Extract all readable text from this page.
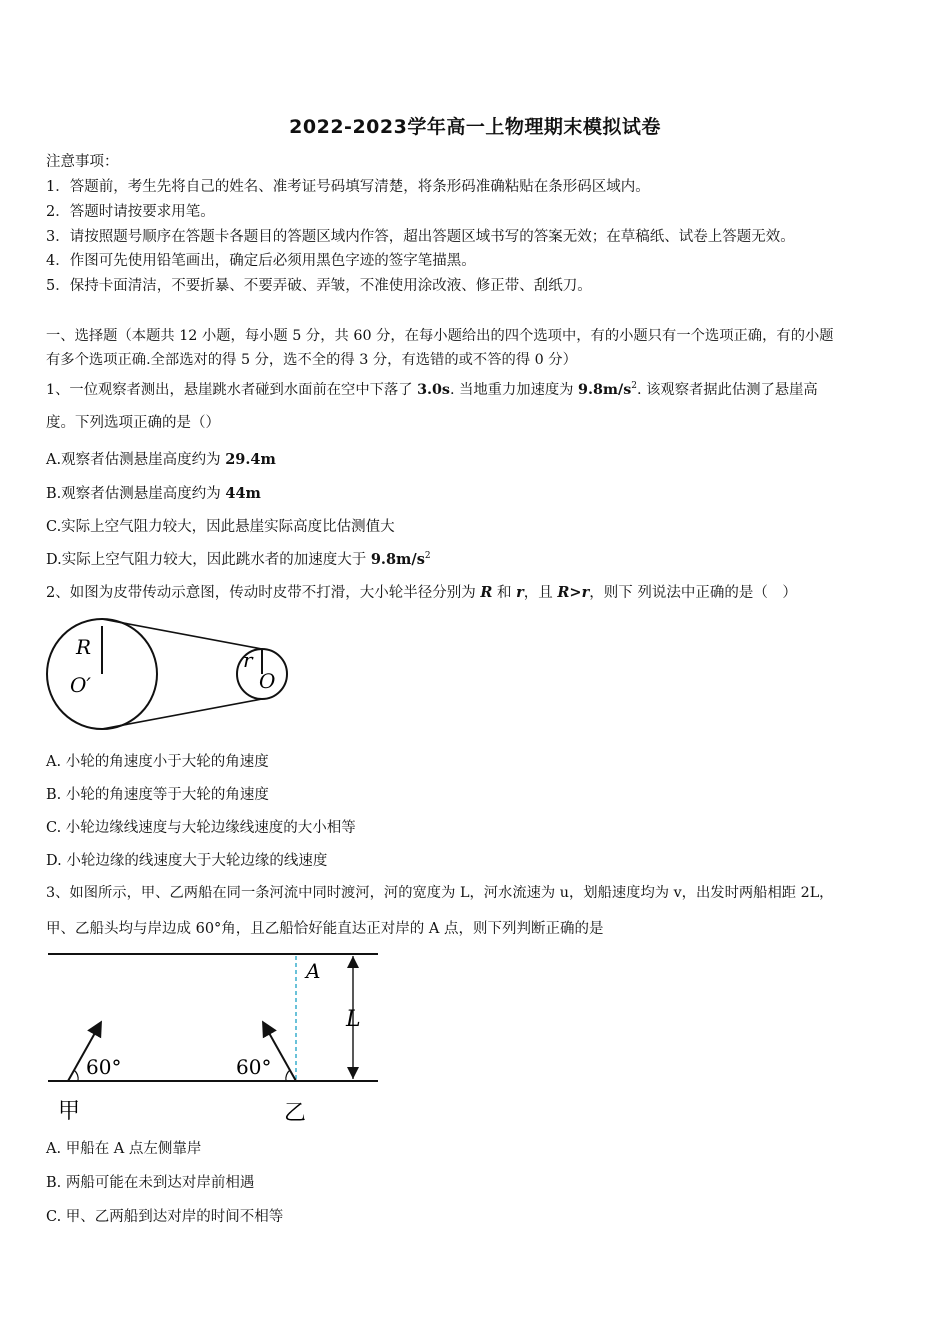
2022-2023学年高一上物理期末模拟试卷
注意事项：
1．答题前，考生先将自己的姓名、准考证号码填写清楚，将条形码准确粘贴在条形码区域内。
2．答题时请按要求用笔。
3．请按照题号顺序在答题卡各题目的答题区域内作答，超出答题区域书写的答案无效；在草稿纸、试卷上答题无效。
4．作图可先使用铅笔画出，确定后必须用黑色字迹的签字笔描黑。
5．保持卡面清洁，不要折暴、不要弄破、弄皱，不准使用涂改液、修正带、刮纸刀。
一、选择题（本题共 12 小题，每小题 5 分，共 60 分，在每小题给出的四个选项中，有的小题只有一个选项正确，有的小题
有多个选项正确.全部选对的得 5 分，选不全的得 3 分，有选错的或不答的得 0 分）
1、一位观察者测出，悬崖跳水者碰到水面前在空中下落了 3.0s. 当地重力加速度为 $9.8m/s^2$. 该观察者据此估测了悬崖高
度。下列选项正确的是（）
A.观察者估测悬崖高度约为 29.4m
B.观察者估测悬崖高度约为 44m
C.实际上空气阻力较大，因此悬崖实际高度比估测值大
D.实际上空气阻力较大，因此跳水者的加速度大于 $9.8m/s^2$
2、如图为皮带传动示意图，传动时皮带不打滑，大小轮半径分别为 R 和 r，且 R>r，则下 列说法中正确的是（　）
R
O′
r
O
A. 小轮的角速度小于大轮的角速度
B. 小轮的角速度等于大轮的角速度
C. 小轮边缘线速度与大轮边缘线速度的大小相等
D. 小轮边缘的线速度大于大轮边缘的线速度
3、如图所示，甲、乙两船在同一条河流中同时渡河，河的宽度为 L，河水流速为 u，划船速度均为 v，出发时两船相距 2L，
甲、乙船头均与岸边成 60°角，且乙船恰好能直达正对岸的 A 点，则下列判断正确的是
A
L
60°	60°
甲	乙
A. 甲船在 A 点左侧靠岸
B. 两船可能在未到达对岸前相遇
C. 甲、乙两船到达对岸的时间不相等
